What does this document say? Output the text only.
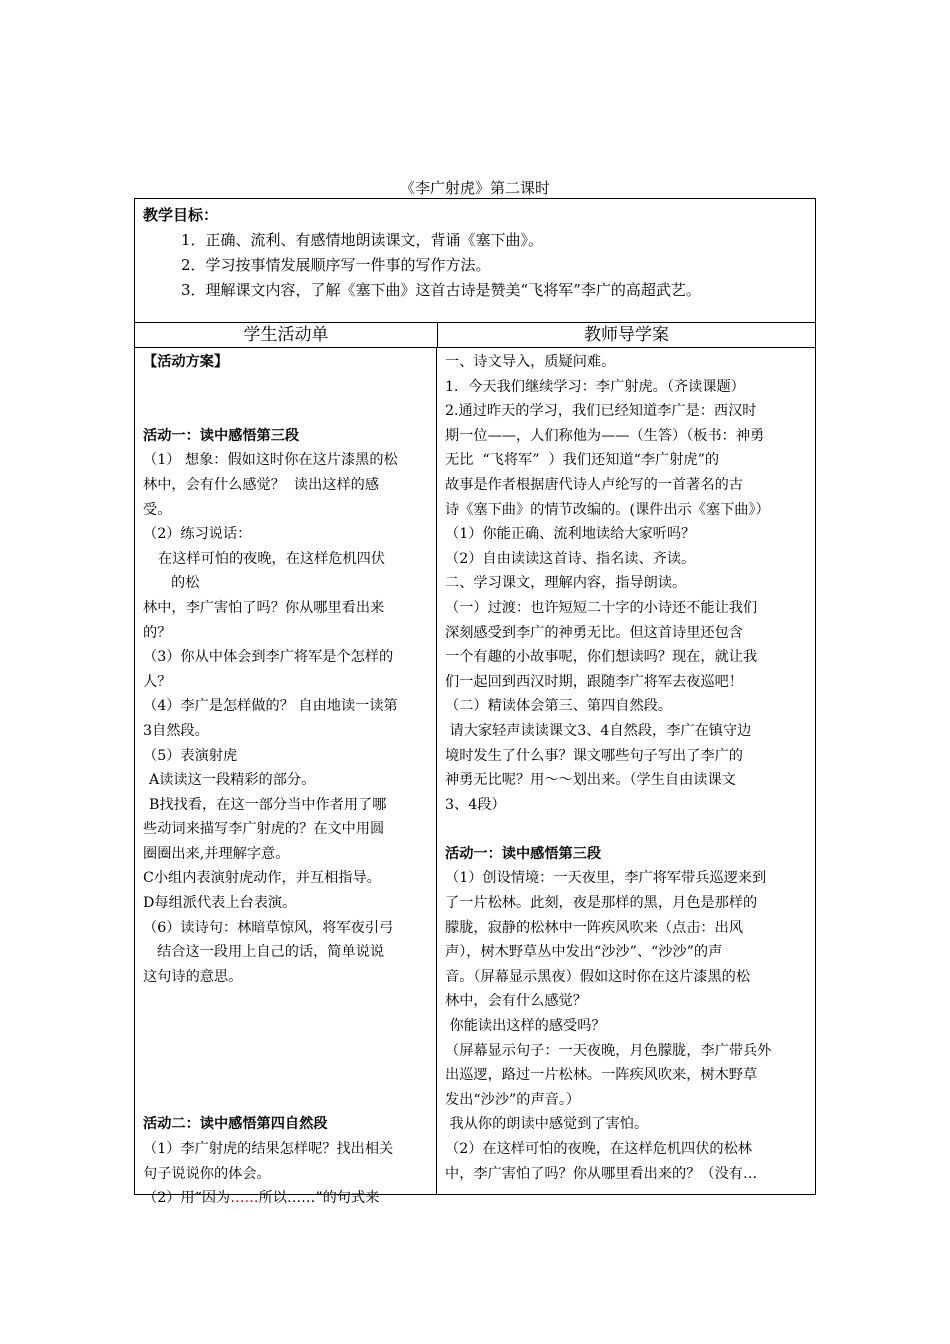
《李广射虎》第二课时
教学目标：
1．正确、流利、有感情地朗读课文，背诵《塞下曲》。
2．学习按事情发展顺序写一件事的写作方法。
3．理解课文内容，了解《塞下曲》这首古诗是赞美“飞将军”李广的高超武艺。
学生活动单	教师导学案
【活动方案】
活动一：读中感悟第三段
（1） 想象：假如这时你在这片漆黑的松
林中，会有什么感觉？  读出这样的感
受。
（2）练习说话：
在这样可怕的夜晚，在这样危机四伏
的松
林中，李广害怕了吗？你从哪里看出来
的？
（3）你从中体会到李广将军是个怎样的
人？
（4）李广是怎样做的？ 自由地读一读第
3自然段。
（5）表演射虎
A读读这一段精彩的部分。
B找找看，在这一部分当中作者用了哪
些动词来描写李广射虎的？在文中用圆
圈圈出来,并理解字意。
C小组内表演射虎动作，并互相指导。
D每组派代表上台表演。
（6）读诗句：林暗草惊风，将军夜引弓
结合这一段用上自己的话，简单说说
这句诗的意思。
活动二：读中感悟第四自然段
（1）李广射虎的结果怎样呢？找出相关
句子说说你的体会。
（2）用“因为……所以……”的句式来
一、诗文导入，质疑问难。
1．今天我们继续学习：李广射虎。（齐读课题）
2.通过昨天的学习，我们已经知道李广是：西汉时
期一位——，人们称他为——（生答）（板书：神勇
无比  “飞将军”  ）我们还知道“李广射虎”的
故事是作者根据唐代诗人卢纶写的一首著名的古
诗《塞下曲》的情节改编的。(课件出示《塞下曲》）
（1）你能正确、流利地读给大家听吗？
（2）自由读读这首诗、指名读、齐读。
二、学习课文，理解内容，指导朗读。
（一）过渡：也许短短二十字的小诗还不能让我们
深刻感受到李广的神勇无比。但这首诗里还包含
一个有趣的小故事呢，你们想读吗？现在，就让我
们一起回到西汉时期，跟随李广将军去夜巡吧！
（二）精读体会第三、第四自然段。
请大家轻声读读课文3、4自然段，李广在镇守边
境时发生了什么事？课文哪些句子写出了李广的
神勇无比呢？用～～划出来。（学生自由读课文
3、4段）
活动一：读中感悟第三段
（1）创设情境：一天夜里，李广将军带兵巡逻来到
了一片松林。此刻，夜是那样的黑，月色是那样的
朦胧，寂静的松林中一阵疾风吹来（点击：出风
声），树木野草丛中发出“沙沙”、“沙沙”的声
音。（屏幕显示黑夜）假如这时你在这片漆黑的松
林中，会有什么感觉？
你能读出这样的感受吗？
（屏幕显示句子：一天夜晚，月色朦胧，李广带兵外
出巡逻，路过一片松林。一阵疾风吹来，树木野草
发出“沙沙”的声音。）
我从你的朗读中感觉到了害怕。
（2）在这样可怕的夜晚，在这样危机四伏的松林
中，李广害怕了吗？你从哪里看出来的？（没有…
